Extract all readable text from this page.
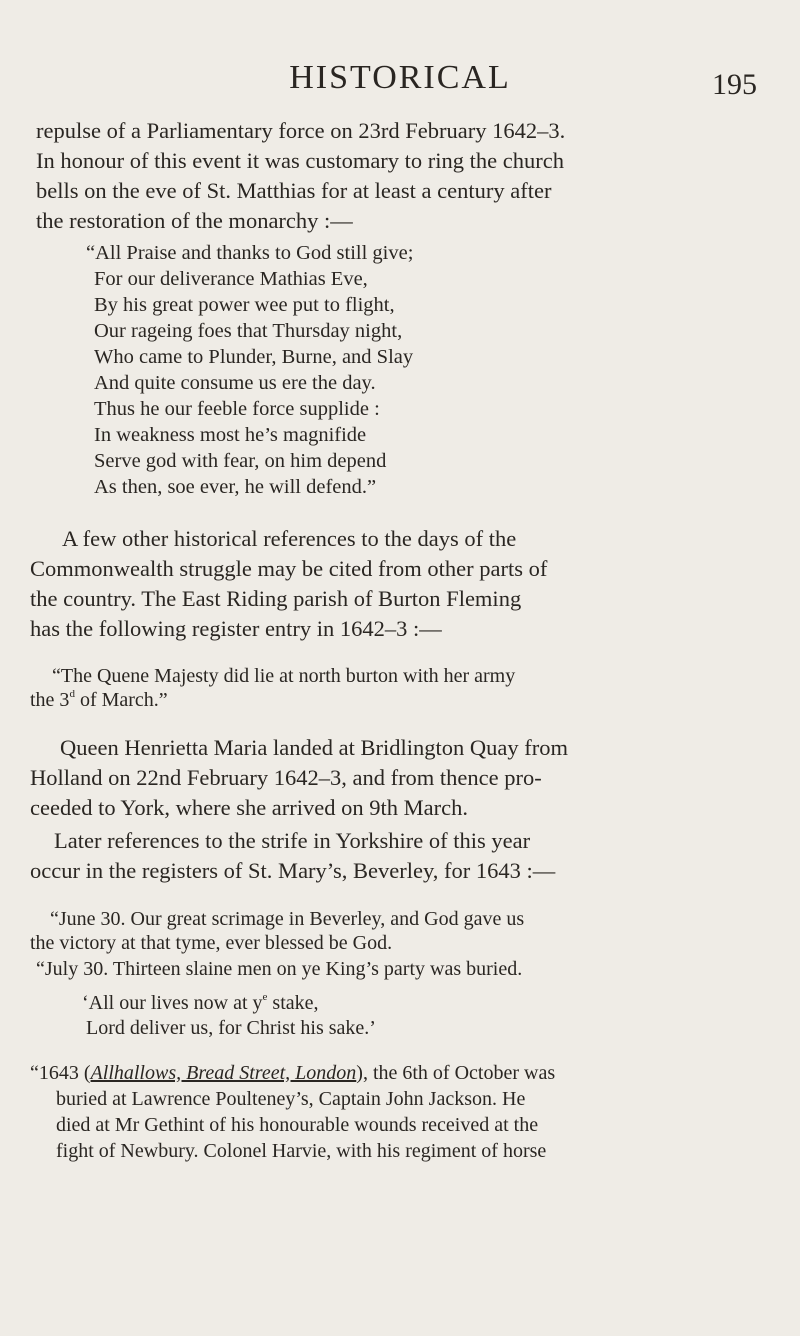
HISTORICAL	195
repulse of a Parliamentary force on 23rd February 1642–3.
In honour of this event it was customary to ring the church
bells on the eve of St. Matthias for at least a century after
the restoration of the monarchy :—
“All Praise and thanks to God still give;
For our deliverance Mathias Eve,
By his great power wee put to flight,
Our rageing foes that Thursday night,
Who came to Plunder, Burne, and Slay
And quite consume us ere the day.
Thus he our feeble force supplide :
In weakness most he’s magnifide
Serve god with fear, on him depend
As then, soe ever, he will defend.”
A few other historical references to the days of the
Commonwealth struggle may be cited from other parts of
the country. The East Riding parish of Burton Fleming
has the following register entry in 1642–3 :—
“The Quene Majesty did lie at north burton with her army
the 3$^d$ of March.”
Queen Henrietta Maria landed at Bridlington Quay from
Holland on 22nd February 1642–3, and from thence pro-
ceeded to York, where she arrived on 9th March.
Later references to the strife in Yorkshire of this year
occur in the registers of St. Mary’s, Beverley, for 1643 :—
“June 30. Our great scrimage in Beverley, and God gave us
the victory at that tyme, ever blessed be God.
“July 30. Thirteen slaine men on ye King’s party was buried.
‘All our lives now at $y^e$ stake,
Lord deliver us, for Christ his sake.’
“1643 (Allhallows, Bread Street, London), the 6th of October was
buried at Lawrence Poulteney’s, Captain John Jackson. He
died at Mr Gethint of his honourable wounds received at the
fight of Newbury. Colonel Harvie, with his regiment of horse
